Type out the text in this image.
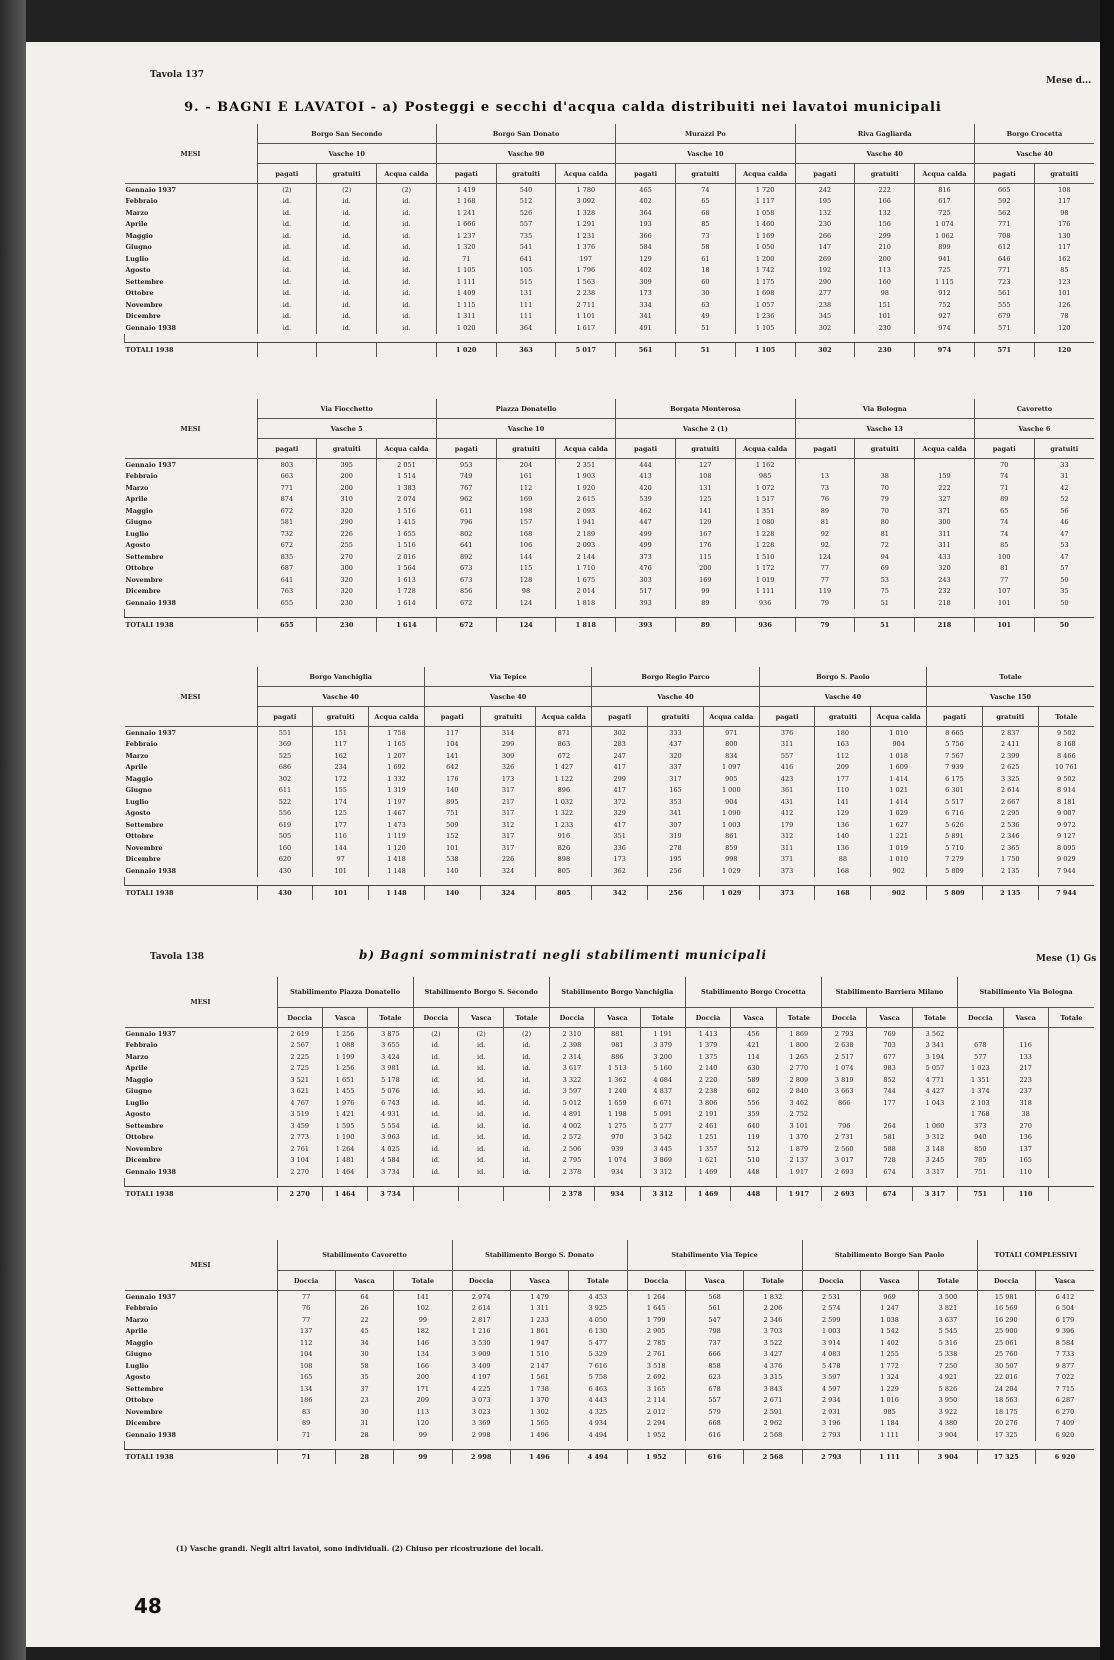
Tavola 137
Mese d...
9. - BAGNI E LAVATOI - a) Posteggi e secchi d'acqua calda distribuiti nei lavatoi municipali
MESI	Borgo San Secondo			Borgo San Donato			Murazzi Po			Riva Gagliarda			Borgo Crocetta	
	Vasche 10			Vasche 90			Vasche 10			Vasche 40			Vasche 40	
	pagati	gratuiti	Acqua calda	pagati	gratuiti	Acqua calda	pagati	gratuiti	Acqua calda	pagati	gratuiti	Acqua calda	pagati	gratuiti
Gennaio 1937	(2)	(2)	(2)	1 419	540	1 780	465	74	1 720	242	222	816	665	108
Febbraio	id.	id.	id.	1 168	512	3 092	402	65	1 117	195	166	617	592	117
Marzo	id.	id.	id.	1 241	526	1 328	364	68	1 058	132	132	725	562	98
Aprile	id.	id.	id.	1 666	557	1 291	193	85	1 460	230	156	1 074	771	176
Maggio	id.	id.	id.	1 237	735	1 231	366	73	1 169	266	299	1 062	708	130
Giugno	id.	id.	id.	1 320	541	1 376	584	58	1 050	147	210	899	612	117
Luglio	id.	id.	id.	71	641	197	129	61	1 200	269	200	941	646	162
Agosto	id.	id.	id.	1 105	105	1 796	402	18	1 742	192	113	725	771	85
Settembre	id.	id.	id.	1 111	515	1 563	309	60	1 175	290	160	1 115	723	123
Ottobre	id.	id.	id.	1 409	131	2 238	173	30	1 698	277	98	912	561	101
Novembre	id.	id.	id.	1 115	111	2 711	334	63	1 057	238	151	752	555	126
Dicembre	id.	id.	id.	1 311	111	1 101	341	49	1 236	345	101	927	679	78
Gennaio 1938	id.	id.	id.	1 020	364	1 617	491	51	1 105	302	230	974	571	120

TOTALI 1938				1 020	363	5 017	561	51	1 105	302	230	974	571	120
MESI	Via Fiocchetto			Piazza Donatello			Borgata Monterosa			Via Bologna			Cavoretto	
	Vasche 5			Vasche 10			Vasche 2 (1)			Vasche 13			Vasche 6	
	pagati	gratuiti	Acqua calda	pagati	gratuiti	Acqua calda	pagati	gratuiti	Acqua calda	pagati	gratuiti	Acqua calda	pagati	gratuiti
Gennaio 1937	803	395	2 051	953	204	2 351	444	127	1 162				70	33
Febbraio	663	200	1 514	749	161	1 903	413	108	985	13	38	159	74	31
Marzo	771	200	1 383	767	112	1 920	420	131	1 072	73	70	222	71	42
Aprile	874	310	2 074	962	169	2 615	539	125	1 517	76	79	327	89	52
Maggio	672	320	1 516	611	198	2 093	462	141	1 351	89	70	371	65	56
Giugno	581	290	1 415	796	157	1 941	447	129	1 080	81	80	300	74	46
Luglio	732	226	1 655	802	168	2 189	499	167	1 228	92	81	311	74	47
Agosto	672	255	1 516	641	106	2 093	499	176	1 228	92	72	311	85	53
Settembre	835	270	2 016	892	144	2 144	373	115	1 510	124	94	433	100	47
Ottobre	687	300	1 564	673	115	1 710	476	200	1 172	77	69	320	81	57
Novembre	641	320	1 613	673	128	1 675	303	169	1 019	77	53	243	77	50
Dicembre	763	320	1 728	856	98	2 014	517	99	1 111	119	75	232	107	35
Gennaio 1938	655	230	1 614	672	124	1 818	393	89	936	79	51	218	101	50

TOTALI 1938	655	230	1 614	672	124	1 818	393	89	936	79	51	218	101	50
MESI	Borgo Vanchiglia			Via Tepice			Borgo Regio Parco			Borgo S. Paolo			Totale		
	Vasche 40			Vasche 40			Vasche 40			Vasche 40			Vasche 150		
	pagati	gratuiti	Acqua calda	pagati	gratuiti	Acqua calda	pagati	gratuiti	Acqua calda	pagati	gratuiti	Acqua calda	pagati	gratuiti	Totale
Gennaio 1937	551	151	1 758	117	314	871	302	333	971	376	180	1 010	8 665	2 837	9 502
Febbraio	369	117	1 165	104	299	863	283	437	800	311	163	904	5 756	2 411	8 168
Marzo	525	162	1 207	141	309	672	247	320	834	557	112	1 018	7 567	2 399	8 466
Aprile	686	234	1 692	642	326	1 427	417	337	1 097	416	209	1 609	7 939	2 625	10 761
Maggio	302	172	1 332	176	173	1 122	299	317	905	423	177	1 414	6 175	3 325	9 502
Giugno	611	155	1 319	140	317	896	417	165	1 000	361	110	1 021	6 301	2 614	8 914
Luglio	522	174	1 197	895	217	1 032	372	353	904	431	141	1 414	5 517	2 667	8 181
Agosto	556	125	1 467	751	317	1 322	329	341	1 090	412	129	1 029	6 716	2 295	9 007
Settembre	619	177	1 473	509	312	1 233	417	307	1 003	179	136	1 627	5 626	2 536	9 972
Ottobre	505	116	1 119	152	317	916	351	319	861	312	140	1 221	5 891	2 346	9 127
Novembre	160	144	1 120	101	317	826	336	278	859	311	136	1 019	5 710	2 365	8 095
Dicembre	620	97	1 418	538	226	898	173	195	998	371	88	1 010	7 279	1 750	9 029
Gennaio 1938	430	101	1 148	140	324	805	362	256	1 029	373	168	902	5 809	2 135	7 944

TOTALI 1938	430	101	1 148	140	324	805	342	256	1 029	373	168	902	5 809	2 135	7 944
Tavola 138	Mese (1) Gs
b) Bagni somministrati negli stabilimenti municipali
MESI	Stabilimento Piazza Donatello			Stabilimento Borgo S. Secondo			Stabilimento Borgo Vanchiglia			Stabilimento Borgo Crocetta			Stabilimento Barriera Milano			Stabilimento Via Bologna		
	Doccia	Vasca	Totale	Doccia	Vasca	Totale	Doccia	Vasca	Totale	Doccia	Vasca	Totale	Doccia	Vasca	Totale	Doccia	Vasca	Totale
Gennaio 1937	2 619	1 256	3 875	(2)	(2)	(2)	2 310	881	1 191	1 413	456	1 869	2 793	769	3 562			
Febbraio	2 567	1 088	3 655	id.	id.	id.	2 398	981	3 379	1 379	421	1 800	2 638	703	3 341	678	116	
Marzo	2 225	1 199	3 424	id.	id.	id.	2 314	886	3 200	1 375	114	1 265	2 517	677	3 194	577	133	
Aprile	2 725	1 256	3 981	id.	id.	id.	3 617	1 513	5 160	2 140	630	2 770	1 074	983	5 057	1 023	217	
Maggio	3 521	1 651	5 178	id.	id.	id.	3 322	1 362	4 684	2 220	589	2 809	3 819	852	4 771	1 351	223	
Giugno	3 621	1 455	5 076	id.	id.	id.	3 597	1 240	4 837	2 238	602	2 840	3 663	744	4 427	1 374	237	
Luglio	4 767	1 976	6 743	id.	id.	id.	5 012	1 659	6 671	3 806	556	3 462	866	177	1 043	2 103	318	
Agosto	3 519	1 421	4 931	id.	id.	id.	4 891	1 198	5 091	2 191	359	2 752				1 768	38	
Settembre	3 459	1 595	5 554	id.	id.	id.	4 002	1 275	5 277	2 461	640	3 101	796	264	1 060	373	270	
Ottobre	2 773	1 190	3 963	id.	id.	id.	2 572	970	3 542	1 251	119	1 370	2 731	581	3 312	940	136	
Novembre	2 761	1 264	4 025	id.	id.	id.	2 506	939	3 445	1 357	512	1 879	2 560	588	3 148	850	137	
Dicembre	3 104	1 481	4 584	id.	id.	id.	2 795	1 074	3 869	1 621	510	2 137	3 017	728	3 245	785	165	
Gennaio 1938	2 270	1 464	3 734	id.	id.	id.	2 378	934	3 312	1 469	448	1 917	2 693	674	3 317	751	110	

TOTALI 1938	2 270	1 464	3 734				2 378	934	3 312	1 469	448	1 917	2 693	674	3 317	751	110	
MESI	Stabilimento Cavoretto			Stabilimento Borgo S. Donato			Stabilimento Via Tepice			Stabilimento Borgo San Paolo			TOTALI COMPLESSIVI	
	Doccia	Vasca	Totale	Doccia	Vasca	Totale	Doccia	Vasca	Totale	Doccia	Vasca	Totale	Doccia	Vasca
Gennaio 1937	77	64	141	2 974	1 479	4 453	1 264	568	1 832	2 531	969	3 500	15 981	6 412
Febbraio	76	26	102	2 614	1 311	3 925	1 645	561	2 206	2 574	1 247	3 821	16 569	6 504
Marzo	77	22	99	2 817	1 233	4 050	1 799	547	2 346	2 599	1 038	3 637	16 290	6 179
Aprile	137	45	182	1 216	1 861	6 130	2 905	798	3 703	1 003	1 542	5 545	25 900	9 396
Maggio	112	34	146	3 530	1 947	5 477	2 785	737	3 522	3 914	1 402	5 316	25 061	8 584
Giugno	104	30	134	3 909	1 510	5 329	2 761	666	3 427	4 083	1 255	5 338	25 760	7 733
Luglio	108	58	166	3 409	2 147	7 616	3 518	858	4 376	5 478	1 772	7 250	30 507	9 877
Agosto	165	35	200	4 197	1 561	5 758	2 692	623	3 315	3 597	1 324	4 921	22 016	7 022
Settembre	134	37	171	4 225	1 738	6 463	3 165	678	3 843	4 597	1 229	5 826	24 204	7 715
Ottobre	186	23	209	3 073	1 370	4 443	2 114	557	2 671	2 934	1 016	3 950	18 563	6 287
Novembre	83	30	113	3 023	1 302	4 325	2 012	579	2 591	2 931	985	3 922	18 175	6 270
Dicembre	89	31	120	3 369	1 565	4 934	2 294	668	2 962	3 196	1 184	4 380	20 276	7 409
Gennaio 1938	71	28	99	2 998	1 496	4 494	1 952	616	2 568	2 793	1 111	3 904	17 325	6 920

TOTALI 1938	71	28	99	2 998	1 496	4 494	1 952	616	2 568	2 793	1 111	3 904	17 325	6 920
(1) Vasche grandi. Negli altri lavatoi, sono individuali. (2) Chiuso per ricostruzione dei locali.
48
